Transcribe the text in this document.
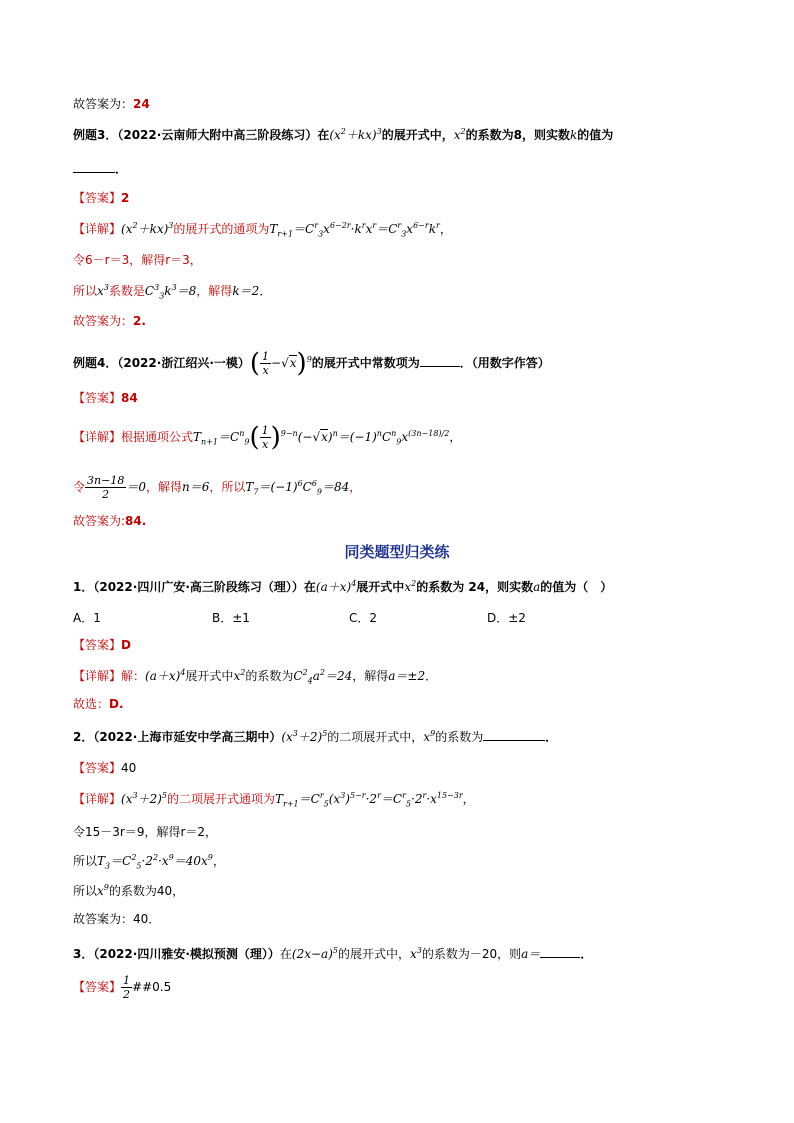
故答案为：24
例题3．（2022·云南师大附中高三阶段练习）在$(x^2+kx)^3$的展开式中，$x^2$的系数为8，则实数k的值为
．
【答案】2
【详解】$(x^2+kx)^3$的展开式的通项为$T_{r+1}=C^r_3x^{6-2r}\cdot k^rx^r=C^r_3x^{6-r}k^r$，
令6－r＝3，解得r＝3，
所以$x^3$系数是$C^3_3k^3=8$，解得k＝2．
故答案为：2.
例题4．（2022·浙江绍兴·一模）( $\frac{1}{x} -√x)^9$的展开式中常数项为	．（用数字作答）
【答案】84
【详解】根据通项公式$T_{n+1}=C^n_9( \frac{1}{x} )^{9-n}(-√x)^n=(-1)^nC^n_9x^{(3n-18)/2}$，
令 $\frac{3n-18}{2} =0$，解得n＝6，所以$T_7=(-1)^6C^6_9=84$，
故答案为:84.
同类题型归类练
1．（2022·四川广安·高三阶段练习（理））在$(a+x)^4$展开式中$x^2$的系数为 24，则实数a的值为（　）
A．1	B．±1	C．2	D．±2
【答案】D
【详解】解：$(a+x)^4$展开式中$x^2$的系数为$C^2_4a^2=24$，解得a＝±2．
故选：D.
2．（2022·上海市延安中学高三期中）$(x^3+2)^5$的二项展开式中，$x^9$的系数为	．
【答案】40
【详解】$(x^3+2)^5$的二项展开式通项为$T_{r+1}=C^r_5(x^3)^{5-r}\cdot 2^r=C^r_5\cdot 2^r\cdot x^{15-3r}$，
令15－3r＝9，解得r＝2，
所以$T_3=C^2_5\cdot 2^2\cdot x^9=40x^9$，
所以$x^9$的系数为40，
故答案为：40．
3．（2022·四川雅安·模拟预测（理））在$(2x-a)^5$的展开式中，$x^3$的系数为－20，则a＝	．
【答案】 $\frac{1}{2}$ ##0.5
